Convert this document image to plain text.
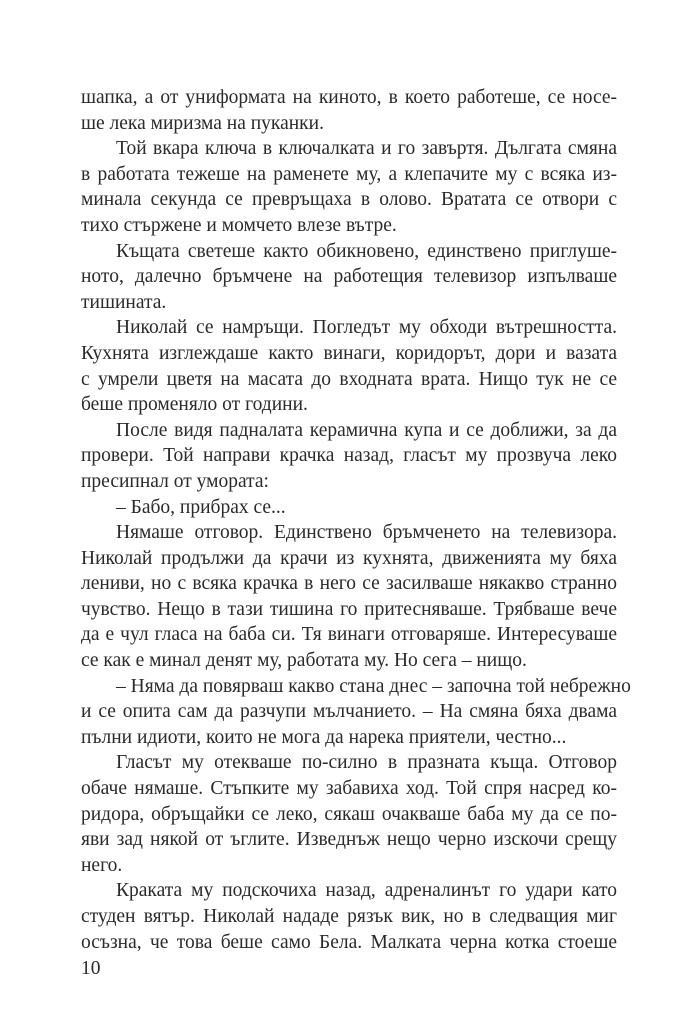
шапка, а от униформата на киното, в което работеше, се носе-
ше лека миризма на пуканки.
Той вкара ключа в ключалката и го завъртя. Дългата смяна
в работата тежеше на раменете му, а клепачите му с всяка из-
минала секунда се превръщаха в олово. Вратата се отвори с
тихо стържене и момчето влезе вътре.
Къщата светеше както обикновено, единствено приглуше-
ното, далечно бръмчене на работещия телевизор изпълваше
тишината.
Николай се намръщи. Погледът му обходи вътрешността.
Кухнята изглеждаше както винаги, коридорът, дори и вазата
с умрели цветя на масата до входната врата. Нищо тук не се
беше променяло от години.
После видя падналата керамична купа и се доближи, за да
провери. Той направи крачка назад, гласът му прозвуча леко
пресипнал от умората:
– Бабо, прибрах се...
Нямаше отговор. Единствено бръмченето на телевизора.
Николай продължи да крачи из кухнята, движенията му бяха
лениви, но с всяка крачка в него се засилваше някакво странно
чувство. Нещо в тази тишина го притесняваше. Трябваше вече
да е чул гласа на баба си. Тя винаги отговаряше. Интересуваше
се как е минал денят му, работата му. Но сега – нищо.
– Няма да повярваш какво стана днес – започна той небрежно
и се опита сам да разчупи мълчанието. – На смяна бяха двама
пълни идиоти, които не мога да нарека приятели, честно...
Гласът му отекваше по-силно в празната къща. Отговор
обаче нямаше. Стъпките му забавиха ход. Той спря насред ко-
ридора, обръщайки се леко, сякаш очакваше баба му да се по-
яви зад някой от ъглите. Изведнъж нещо черно изскочи срещу
него.
Краката му подскочиха назад, адреналинът го удари като
студен вятър. Николай нададе рязък вик, но в следващия миг
осъзна, че това беше само Бела. Малката черна котка стоеше
10
